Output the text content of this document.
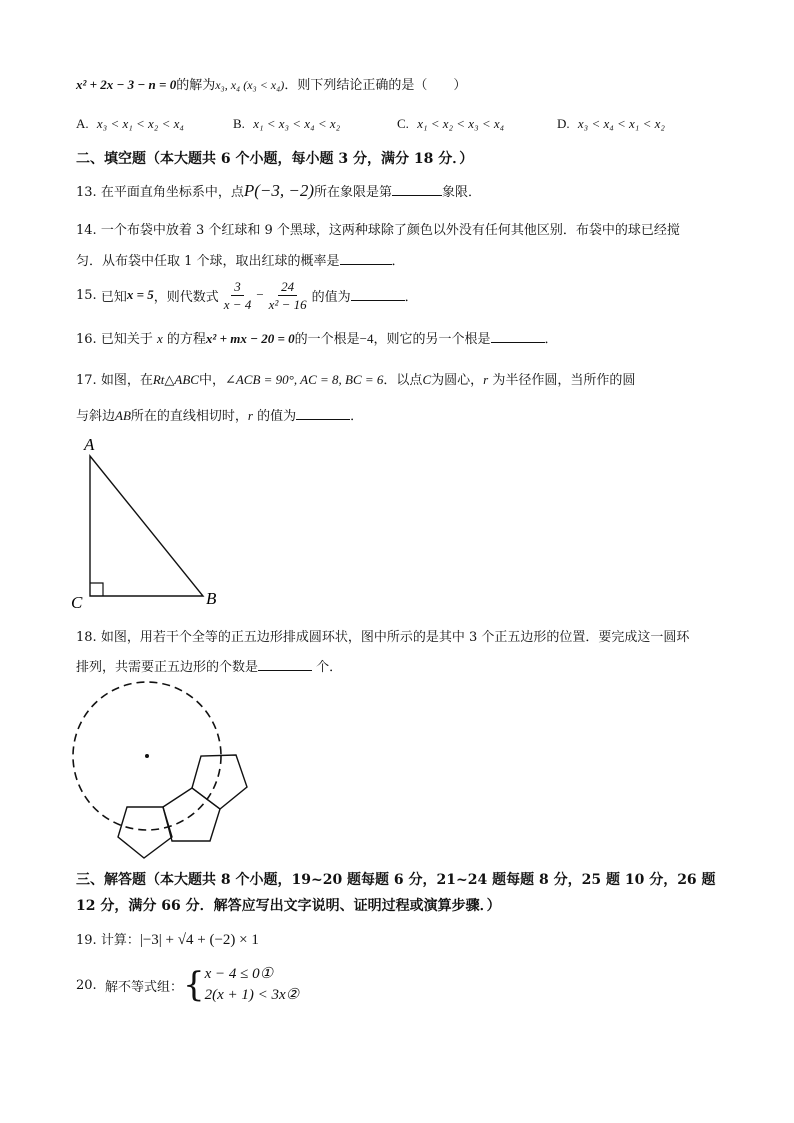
x² + 2x − 3 − n = 0的解为x₃, x₄ (x₃ < x₄)．则下列结论正确的是（　　）
A. x₃ < x₁ < x₂ < x₄	B. x₁ < x₃ < x₄ < x₂	C. x₁ < x₂ < x₃ < x₄	D. x₃ < x₄ < x₁ < x₂
二、填空题（本大题共 6 个小题，每小题 3 分，满分 18 分．）
13. 在平面直角坐标系中，点P(−3, −2)所在象限是第	象限．
14. 一个布袋中放着 3 个红球和 9 个黑球，这两种球除了颜色以外没有任何其他区别．布袋中的球已经搅
匀．从布袋中任取 1 个球，取出红球的概率是	．
15.
已知 x = 5 ，则代数式 $\frac{3}{x - 4} - \frac{24}{\text{x² − 16}}$ 的值为	．
16. 已知关于 x 的方程x² + mx − 20 = 0的一个根是−4，则它的另一个根是	．
17. 如图，在Rt△ABC中，∠ACB = 90°, AC = 8, BC = 6．以点C为圆心，r 为半径作圆，当所作的圆
与斜边AB所在的直线相切时，r 的值为	．
A
C	B
18. 如图，用若干个全等的正五边形排成圆环状，图中所示的是其中 3 个正五边形的位置．要完成这一圆环
排列，共需要正五边形的个数是	个．
三、解答题（本大题共 8 个小题，19~20 题每题 6 分，21~24 题每题 8 分，25 题 10 分，26 题
12 分，满分 66 分．解答应写出文字说明、证明过程或演算步骤．）
19. 计算：|−3| + √4 + (−2) × 1
20.
解不等式组： { x − 4 ≤ 0①
2(x + 1) < 3x②
